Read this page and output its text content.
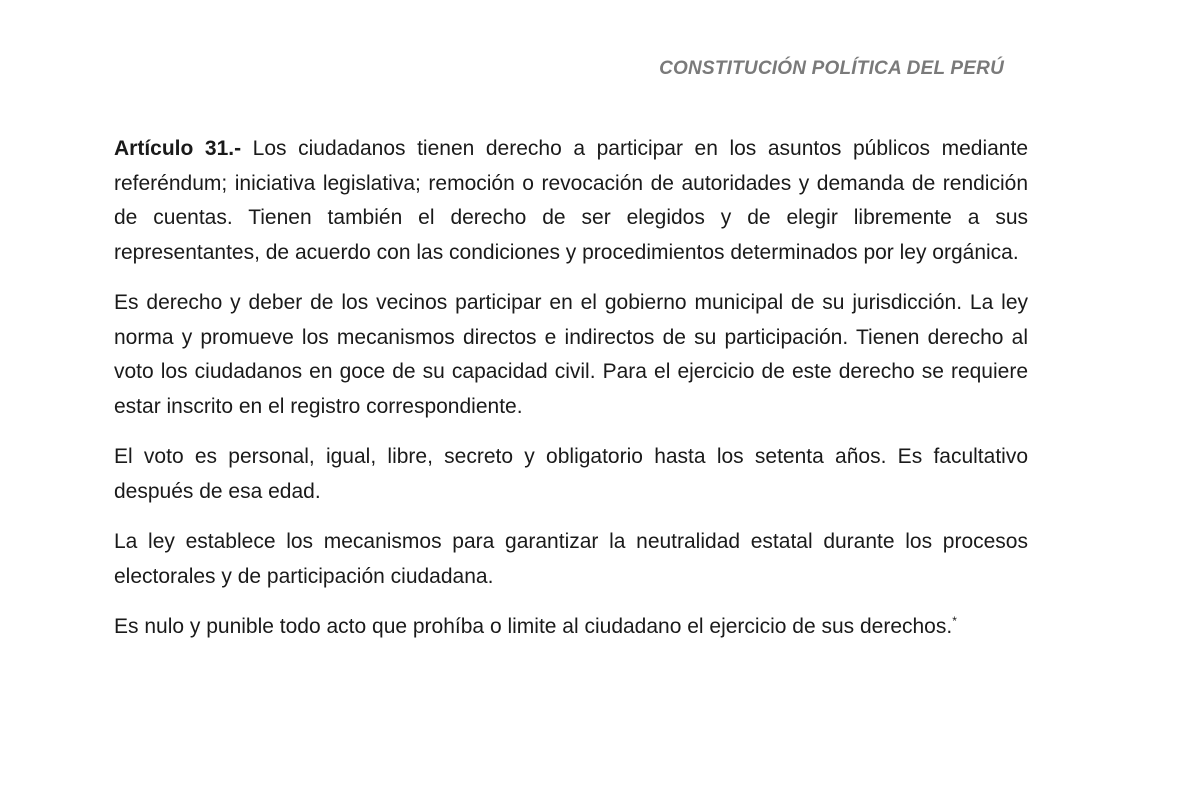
CONSTITUCIÓN POLÍTICA DEL PERÚ

Artículo 31.- Los ciudadanos tienen derecho a participar en los asuntos públicos mediante referéndum; iniciativa legislativa; remoción o revocación de autoridades y demanda de rendición de cuentas. Tienen también el derecho de ser elegidos y de elegir libremente a sus representantes, de acuerdo con las condiciones y procedimientos determinados por ley orgánica.

Es derecho y deber de los vecinos participar en el gobierno municipal de su jurisdicción. La ley norma y promueve los mecanismos directos e indirectos de su participación. Tienen derecho al voto los ciudadanos en goce de su capacidad civil. Para el ejercicio de este derecho se requiere estar inscrito en el registro correspondiente.

El voto es personal, igual, libre, secreto y obligatorio hasta los setenta años. Es facultativo después de esa edad.

La ley establece los mecanismos para garantizar la neutralidad estatal durante los procesos electorales y de participación ciudadana.

Es nulo y punible todo acto que prohíba o limite al ciudadano el ejercicio de sus derechos.*
